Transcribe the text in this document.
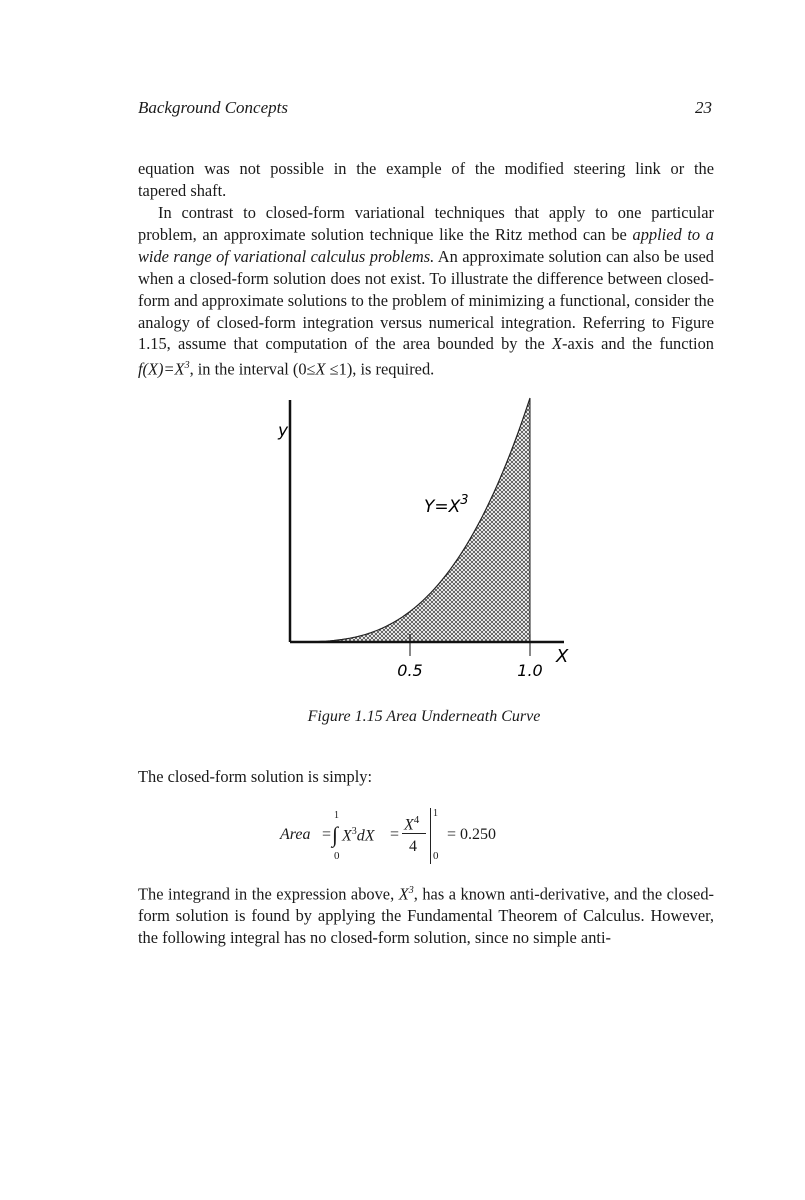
Background Concepts	23

equation was not possible in the example of the modified steering link or the

tapered shaft.

In contrast to closed-form variational techniques that apply to one particular problem, an approximate solution technique like the Ritz method can be applied to a wide range of variational calculus problems. An approximate solution can also be used when a closed-form solution does not exist. To illustrate the difference between closed-form and approximate solutions to the problem of minimizing a functional, consider the analogy of closed-form integration versus numerical integration. Referring to Figure 1.15, assume that computation of the area bounded by the X-axis and the function $f(X)=X^3$, in the interval (0≤X ≤1), is required.

0.5	1.0
X
y
$Y=X^3$
Figure 1.15 Area Underneath Curve

The closed-form solution is simply:

Area =
1
∫
0
$X^3dX$ =
$X^4$
4
1
0
= 0.250

The integrand in the expression above, $X^3$, has a known anti-derivative, and the closed-form solution is found by applying the Fundamental Theorem of Calculus. However, the following integral has no closed-form solution, since no simple anti-
